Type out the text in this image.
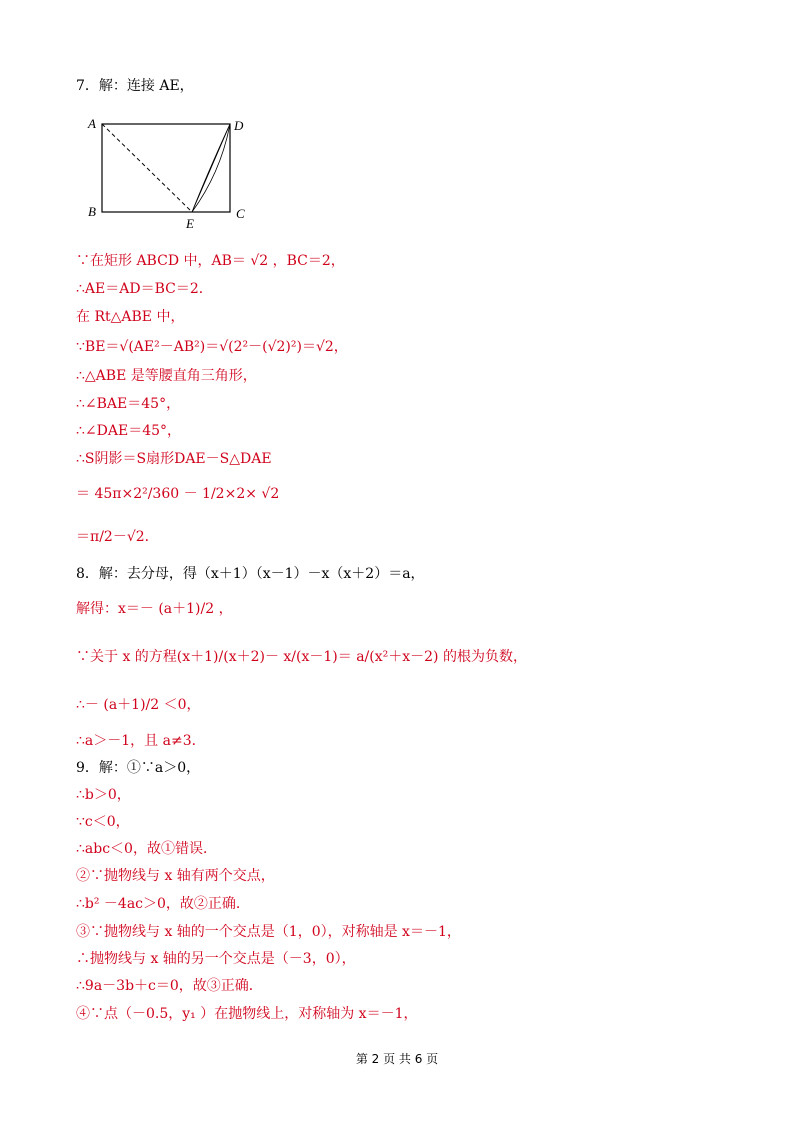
A	D
B	C
E
7．解：连接 AE，
∵在矩形 ABCD 中，AB＝ √2 ，BC＝2，
∴AE＝AD＝BC＝2．
在 Rt△ABE 中，
∵BE＝√(AE²－AB²)＝√(2²－(√2)²)＝√2，
∴△ABE 是等腰直角三角形，
∴∠BAE＝45°，
∴∠DAE＝45°，
∴S阴影＝S扇形DAE－S△DAE
＝ 45π×2²/360 － 1/2×2× √2
＝π/2－√2．
8．解：去分母，得（x＋1）（x－1）－x（x＋2）＝a，
解得：x＝－ (a＋1)/2 ，
∵关于 x 的方程(x＋1)/(x＋2)－ x/(x－1)＝ a/(x²＋x－2) 的根为负数，
∴－ (a＋1)/2 ＜0，
∴a＞－1，且 a≠3．
9．解：①∵a＞0，
∴b＞0，
∵c＜0，
∴abc＜0，故①错误．
②∵抛物线与 x 轴有两个交点，
∴b² －4ac＞0，故②正确．
③∵抛物线与 x 轴的一个交点是（1，0），对称轴是 x＝－1，
∴抛物线与 x 轴的另一个交点是（－3，0），
∴9a－3b＋c＝0，故③正确．
④∵点（－0.5，y₁ ）在抛物线上，对称轴为 x＝－1，
第 2 页 共 6 页
